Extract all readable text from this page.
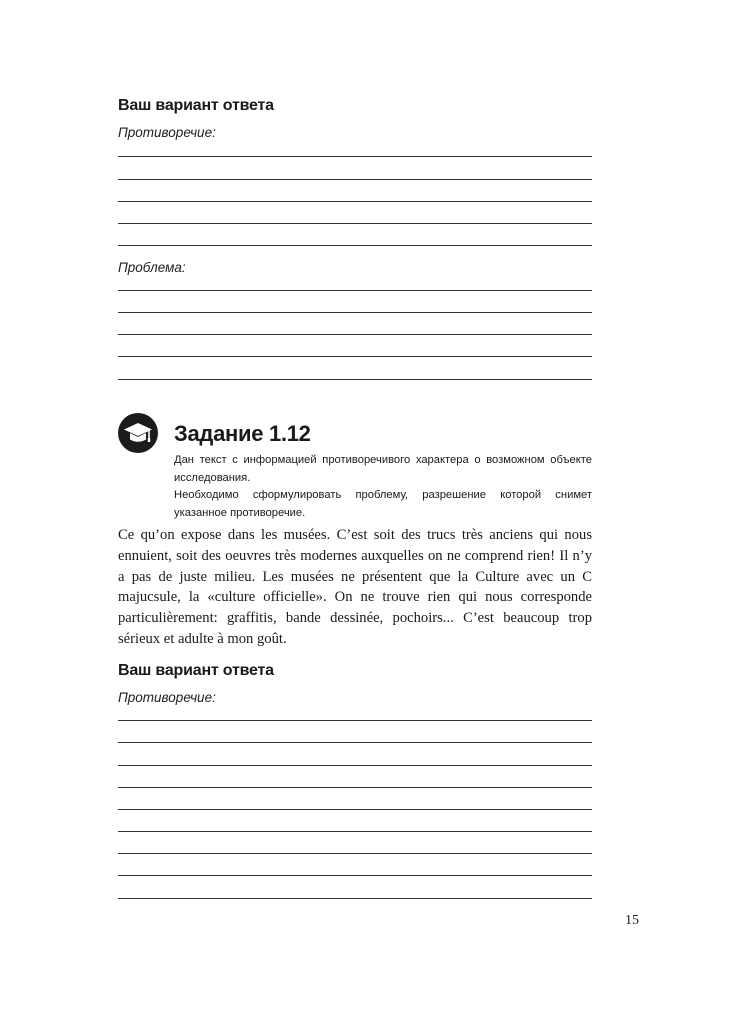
Ваш вариант ответа
Противоречие:
Проблема:
Задание 1.12

Дан текст с информацией противоречивого характера о возможном объекте исследования.

Необходимо сформулировать проблему, разрешение которой снимет указанное противоречие.

Ce qu’on expose dans les musées. C’est soit des trucs très anciens qui nous ennuient, soit des oeuvres très modernes auxquelles on ne comprend rien! Il n’y a pas de juste milieu. Les musées ne présentent que la Culture avec un C majucsule, la «culture officielle». On ne trouve rien qui nous corresponde particulièrement: graffitis, bande dessinée, pochoirs... C’est beaucoup trop sérieux et adulte à mon goût.

Ваш вариант ответа
Противоречие:
15
